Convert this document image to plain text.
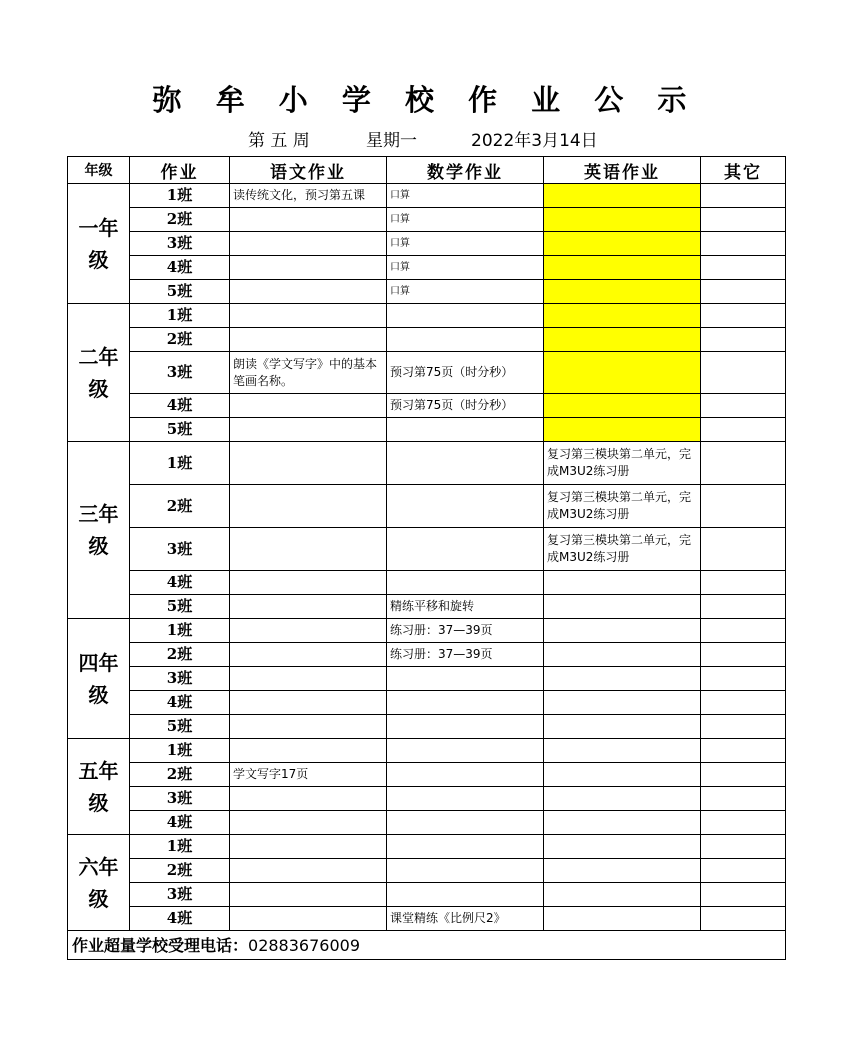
弥 牟 小 学 校 作 业 公 示
第 五 周	星期一	2022年3月14日
年级	作业	语文作业	数学作业	英语作业	其它
一年级	1班	读传统文化，预习第五课	口算		
	2班		口算		
	3班		口算		
	4班		口算		
	5班		口算		
二年级	1班				
	2班				
	3班	朗读《学文写字》中的基本笔画名称。	预习第75页（时分秒）		
	4班		预习第75页（时分秒）		
	5班				
三年级	1班			复习第三模块第二单元，完成M3U2练习册	
	2班			复习第三模块第二单元，完成M3U2练习册	
	3班			复习第三模块第二单元，完成M3U2练习册	
	4班				
	5班		精练平移和旋转		
四年级	1班		练习册：37—39页		
	2班		练习册：37—39页		
	3班				
	4班				
	5班				
五年级	1班				
	2班	学文写字17页			
	3班				
	4班				
六年级	1班				
	2班				
	3班				
	4班		课堂精练《比例尺2》		
作业超量学校受理电话：02883676009					
